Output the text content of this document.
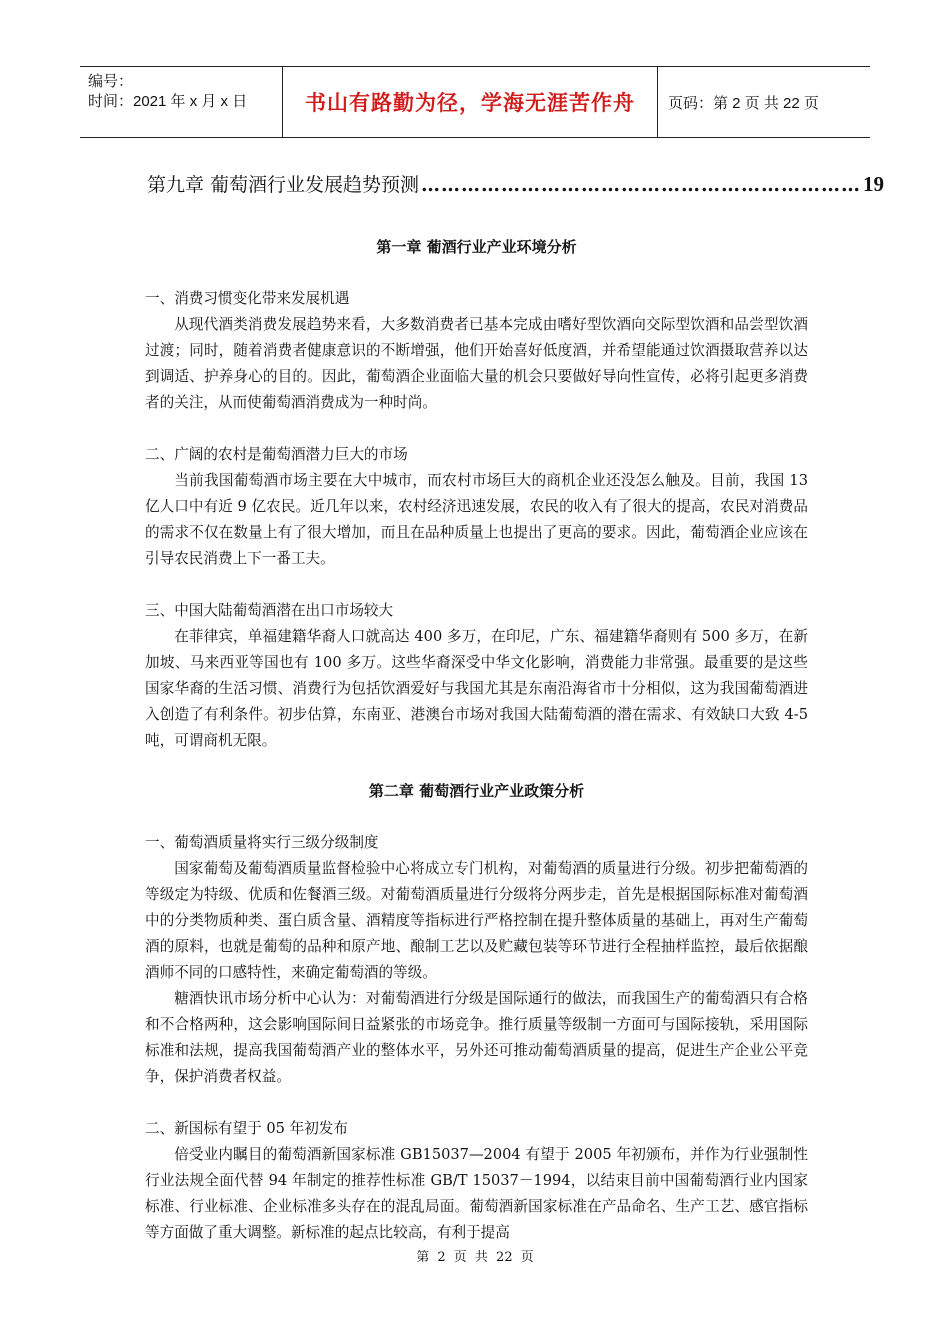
编号：
时间：2021 年 x 月 x 日	书山有路勤为径，学海无涯苦作舟	页码：第 2 页 共 22 页
第九章 葡萄酒行业发展趋势预测 ………………………………………………………… 19
第一章 葡酒行业产业环境分析

一、消费习惯变化带来发展机遇

从现代酒类消费发展趋势来看，大多数消费者已基本完成由嗜好型饮酒向交际型饮酒和品尝型饮酒过渡；同时，随着消费者健康意识的不断增强，他们开始喜好低度酒，并希望能通过饮酒摄取营养以达到调适、护养身心的目的。因此，葡萄酒企业面临大量的机会只要做好导向性宣传，必将引起更多消费者的关注，从而使葡萄酒消费成为一种时尚。

二、广阔的农村是葡萄酒潜力巨大的市场

当前我国葡萄酒市场主要在大中城市，而农村市场巨大的商机企业还没怎么触及。目前，我国 13 亿人口中有近 9 亿农民。近几年以来，农村经济迅速发展，农民的收入有了很大的提高，农民对消费品的需求不仅在数量上有了很大增加，而且在品种质量上也提出了更高的要求。因此，葡萄酒企业应该在引导农民消费上下一番工夫。

三、中国大陆葡萄酒潜在出口市场较大

在菲律宾，单福建籍华裔人口就高达 400 多万，在印尼，广东、福建籍华裔则有 500 多万，在新加坡、马来西亚等国也有 100 多万。这些华裔深受中华文化影响，消费能力非常强。最重要的是这些国家华裔的生活习惯、消费行为包括饮酒爱好与我国尤其是东南沿海省市十分相似，这为我国葡萄酒进入创造了有利条件。初步估算，东南亚、港澳台市场对我国大陆葡萄酒的潜在需求、有效缺口大致 4-5 吨，可谓商机无限。

第二章 葡萄酒行业产业政策分析

一、葡萄酒质量将实行三级分级制度

国家葡萄及葡萄酒质量监督检验中心将成立专门机构，对葡萄酒的质量进行分级。初步把葡萄酒的等级定为特级、优质和佐餐酒三级。对葡萄酒质量进行分级将分两步走，首先是根据国际标准对葡萄酒中的分类物质种类、蛋白质含量、酒精度等指标进行严格控制在提升整体质量的基础上，再对生产葡萄酒的原料，也就是葡萄的品种和原产地、酿制工艺以及贮藏包装等环节进行全程抽样监控，最后依据酿酒师不同的口感特性，来确定葡萄酒的等级。

糖酒快讯市场分析中心认为：对葡萄酒进行分级是国际通行的做法，而我国生产的葡萄酒只有合格和不合格两种，这会影响国际间日益紧张的市场竞争。推行质量等级制一方面可与国际接轨，采用国际标准和法规，提高我国葡萄酒产业的整体水平，另外还可推动葡萄酒质量的提高，促进生产企业公平竞争，保护消费者权益。

二、新国标有望于 05 年初发布

倍受业内瞩目的葡萄酒新国家标准 GB15037—2004 有望于 2005 年初颁布，并作为行业强制性行业法规全面代替 94 年制定的推荐性标准 GB/T 15037－1994，以结束目前中国葡萄酒行业内国家标准、行业标准、企业标准多头存在的混乱局面。葡萄酒新国家标准在产品命名、生产工艺、感官指标等方面做了重大调整。新标准的起点比较高，有利于提高

第 2 页 共 22 页
